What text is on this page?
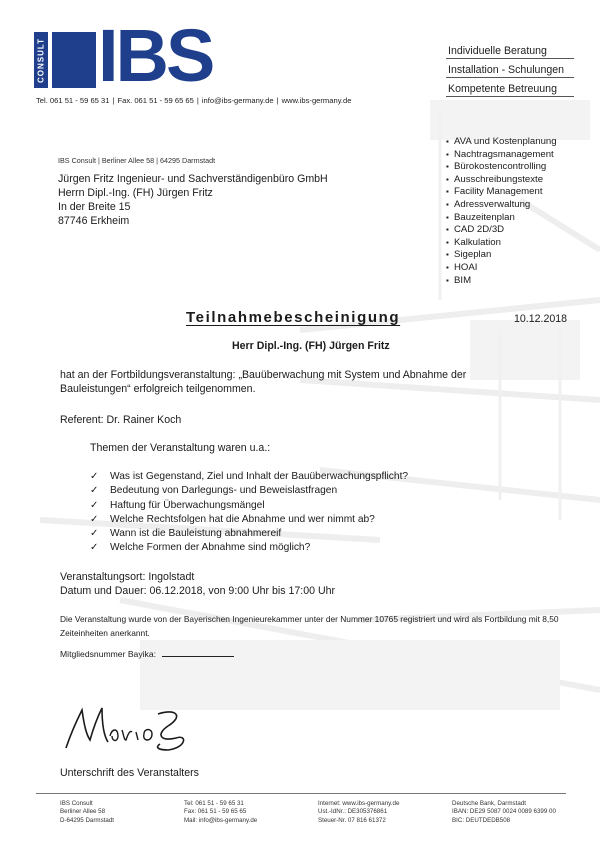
CONSULT IBS
Tel. 061 51 - 59 65 31 | Fax. 061 51 - 59 65 65 | info@ibs-germany.de | www.ibs-germany.de
Individuelle Beratung
Installation - Schulungen
Kompetente Betreuung
IBS Consult | Berliner Allee 58 | 64295 Darmstadt
Jürgen Fritz Ingenieur- und Sachverständigenbüro GmbH
Herrn Dipl.-Ing. (FH) Jürgen Fritz
In der Breite 15
87746 Erkheim
▪ AVA und Kostenplanung
▪ Nachtragsmanagement
▪ Bürokostencontrolling
▪ Ausschreibungstexte
▪ Facility Management
▪ Adressverwaltung
▪ Bauzeitenplan
▪ CAD 2D/3D
▪ Kalkulation
▪ Sigeplan
▪ HOAI
▪ BIM
Teilnahmebescheinigung	10.12.2018
Herr Dipl.-Ing. (FH) Jürgen Fritz
hat an der Fortbildungsveranstaltung: „Bauüberwachung mit System und Abnahme der Bauleistungen“ erfolgreich teilgenommen.
Referent: Dr. Rainer Koch
Themen der Veranstaltung waren u.a.:
✓ Was ist Gegenstand, Ziel und Inhalt der Bauüberwachungspflicht?
✓ Bedeutung von Darlegungs- und Beweislastfragen
✓ Haftung für Überwachungsmängel
✓ Welche Rechtsfolgen hat die Abnahme und wer nimmt ab?
✓ Wann ist die Bauleistung abnahmereif
✓ Welche Formen der Abnahme sind möglich?
Veranstaltungsort: Ingolstadt
Datum und Dauer: 06.12.2018, von 9:00 Uhr bis 17:00 Uhr
Die Veranstaltung wurde von der Bayerischen Ingenieurekammer unter der Nummer 10765 registriert und wird als Fortbildung mit 8,50 Zeiteinheiten anerkannt.
Mitgliedsnummer Bayika:
Unterschrift des Veranstalters
IBS Consult
Berliner Allee 58
D-64295 Darmstadt
Tel: 061 51 - 59 65 31
Fax: 061 51 - 59 65 65
Mail: info@ibs-germany.de
Internet: www.ibs-germany.de
Ust.-IdNr.: DE305376861
Steuer-Nr. 07 816 61372
Deutsche Bank, Darmstadt
IBAN: DE29 5087 0024 0089 6399 00
BIC: DEUTDEDB508
